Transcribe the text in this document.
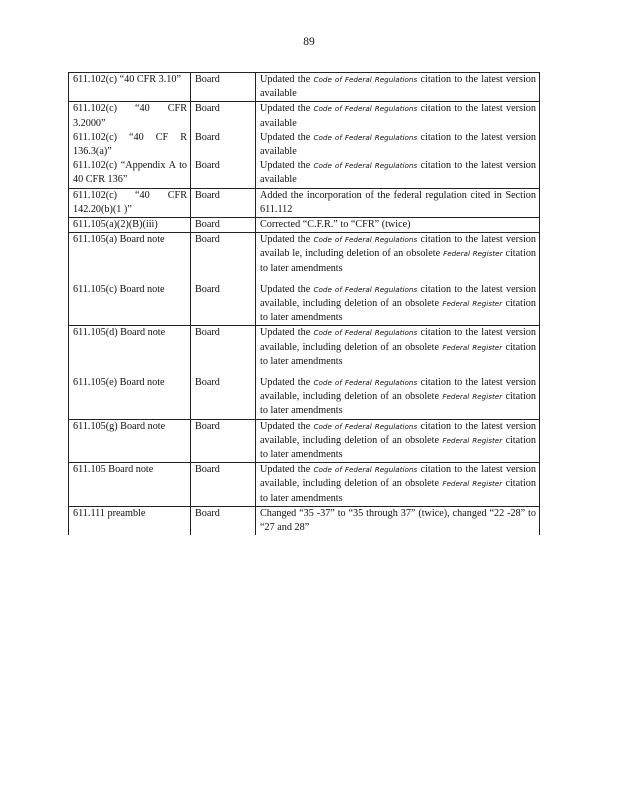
89
611.102(c) “40 CFR 3.10”	Board	Updated the Code of Federal Regulations citation to the latest version available

611.102(c) “40 CFR 3.2000”	Board	Updated the Code of Federal Regulations citation to the latest version available

611.102(c) “40 CF R 136.3(a)”	Board	Updated the Code of Federal Regulations citation to the latest version available

611.102(c) “Appendix A to 40 CFR 136”	Board	Updated the Code of Federal Regulations citation to the latest version available

611.102(c) “40 CFR 142.20(b)(1 )”	Board	Added the incorporation of the federal regulation cited in Section 611.112

611.105(a)(2)(B)(iii)	Board	Corrected “C.F.R.” to “CFR” (twice)

611.105(a) Board note	Board	Updated the Code of Federal Regulations citation to the latest version availab le, including deletion of an obsolete Federal Register citation to later amendments

611.105(c) Board note	Board	Updated the Code of Federal Regulations citation to the latest version available, including deletion of an obsolete Federal Register citation to later amendments

611.105(d) Board note	Board	Updated the Code of Federal Regulations citation to the latest version available, including deletion of an obsolete Federal Register citation to later amendments

611.105(e) Board note	Board	Updated the Code of Federal Regulations citation to the latest version available, including deletion of an obsolete Federal Register citation to later amendments

611.105(g) Board note	Board	Updated the Code of Federal Regulations citation to the latest version available, including deletion of an obsolete Federal Register citation to later amendments

611.105 Board note	Board	Updated the Code of Federal Regulations citation to the latest version available, including deletion of an obsolete Federal Register citation to later amendments

611.111 preamble	Board	Changed “35 -37” to “35 through 37” (twice), changed “22 -28” to “27 and 28”
